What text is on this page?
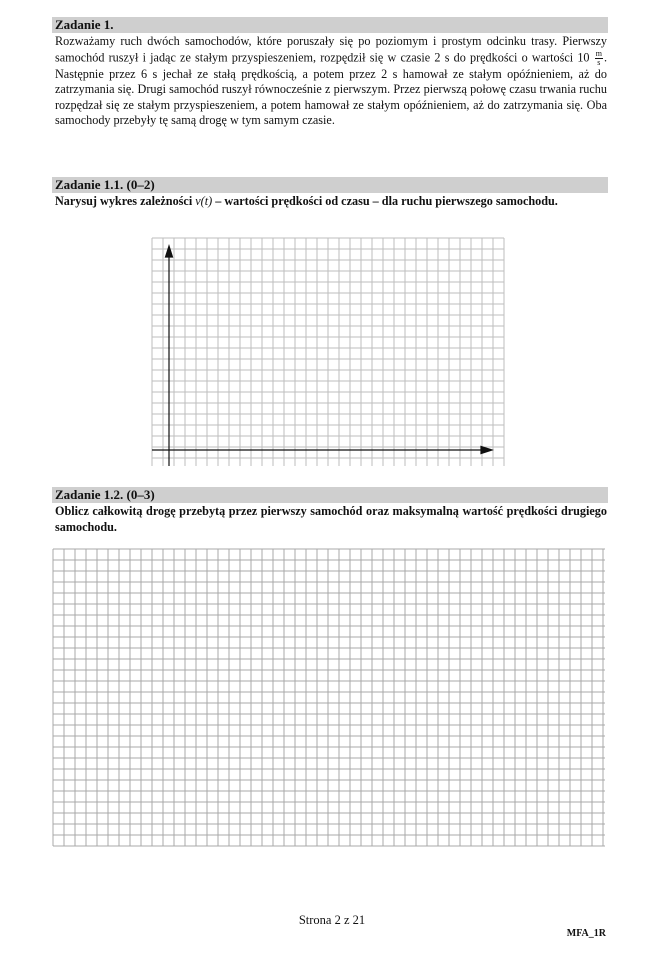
Zadanie 1.
Rozważamy ruch dwóch samochodów, które poruszały się po poziomym i prostym odcinku trasy. Pierwszy samochód ruszył i jadąc ze stałym przyspieszeniem, rozpędził się w czasie 2 s do prędkości o wartości $10 \frac{m}{s}$ . Następnie przez 6 s jechał ze stałą prędkością, a potem przez 2 s hamował ze stałym opóźnieniem, aż do zatrzymania się. Drugi samochód ruszył równocześnie z pierwszym. Przez pierwszą połowę czasu trwania ruchu rozpędzał się ze stałym przyspieszeniem, a potem hamował ze stałym opóźnieniem, aż do zatrzymania się. Oba samochody przebyły tę samą drogę w tym samym czasie.
Zadanie 1.1. (0–2)
Narysuj wykres zależności v(t) – wartości prędkości od czasu – dla ruchu pierwszego samochodu.
Zadanie 1.2. (0–3)
Oblicz całkowitą drogę przebytą przez pierwszy samochód oraz maksymalną wartość prędkości drugiego samochodu.
Strona 2 z 21
MFA_1R
